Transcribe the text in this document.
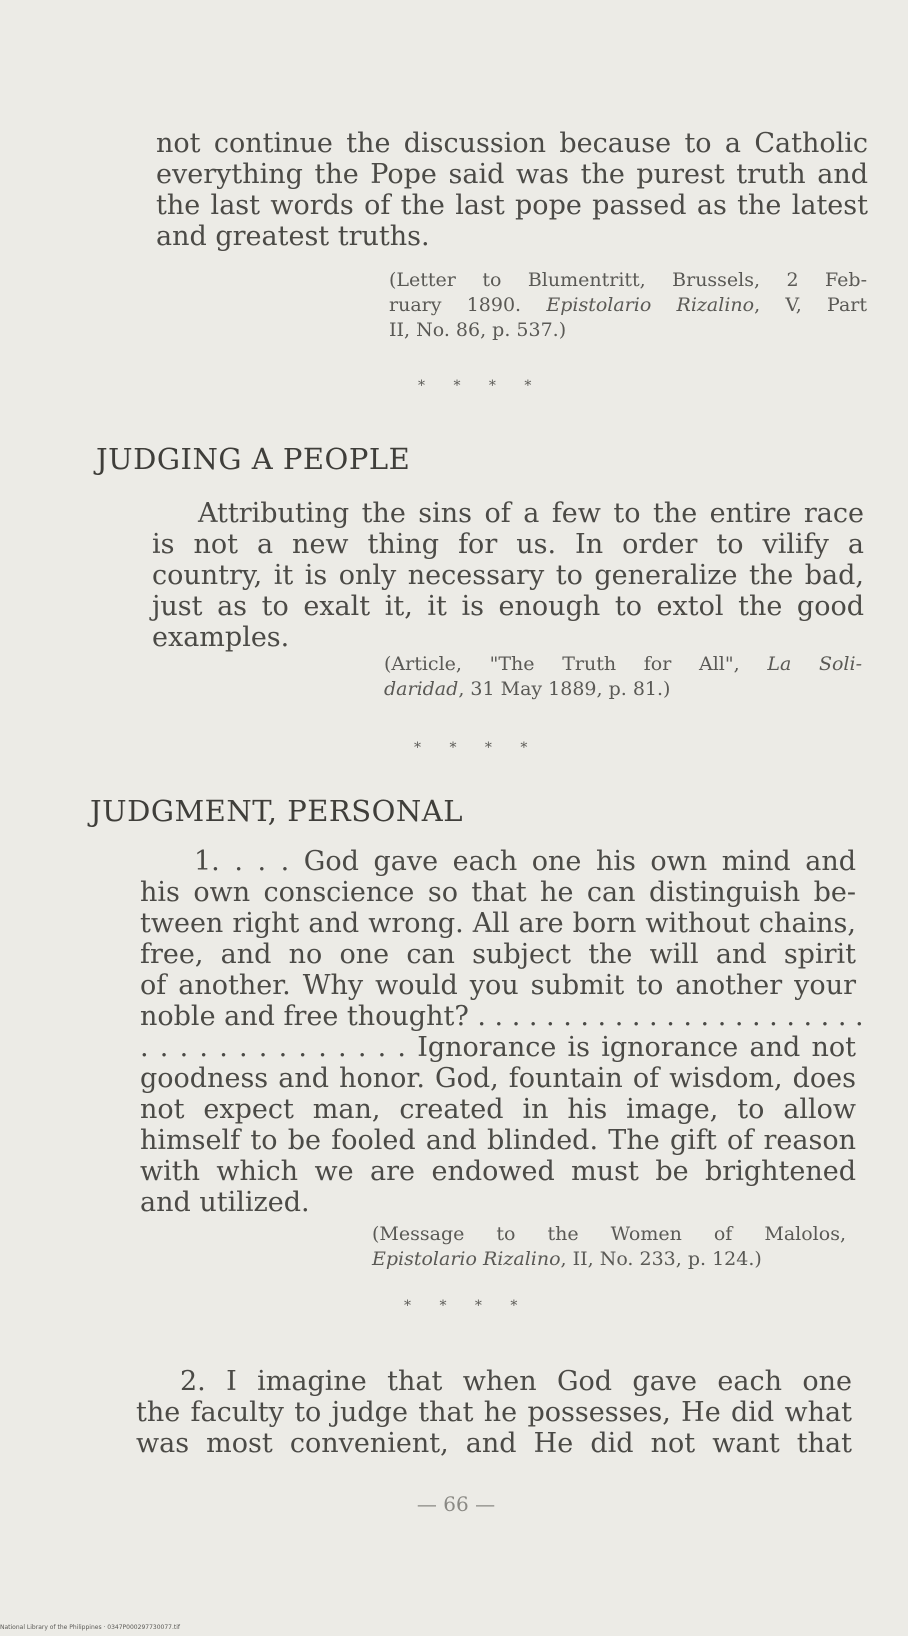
not continue the discussion because to a Catholic
everything the Pope said was the purest truth and
the last words of the last pope passed as the latest
and greatest truths.
(Letter to Blumentritt, Brussels, 2 Feb-
ruary 1890. Epistolario Rizalino, V, Part
II, No. 86, p. 537.)
* * * *
JUDGING A PEOPLE
Attributing the sins of a few to the entire race
is not a new thing for us. In order to vilify a
country, it is only necessary to generalize the bad,
just as to exalt it, it is enough to extol the good
examples.
(Article, "The Truth for All", La Soli-
daridad, 31 May 1889, p. 81.)
* * * *
JUDGMENT, PERSONAL
1. . . . God gave each one his own mind and
his own conscience so that he can distinguish be-
tween right and wrong. All are born without chains,
free, and no one can subject the will and spirit
of another. Why would you submit to another your
noble and free thought? . . . . . . . . . . . . . . . . . . . . . . .
. . . . . . . . . . . . . . Ignorance is ignorance and not
goodness and honor. God, fountain of wisdom, does
not expect man, created in his image, to allow
himself to be fooled and blinded. The gift of reason
with which we are endowed must be brightened
and utilized.
(Message to the Women of Malolos,
Epistolario Rizalino, II, No. 233, p. 124.)
* * * *
2. I imagine that when God gave each one
the faculty to judge that he possesses, He did what
was most convenient, and He did not want that
— 66 —
National Library of the Philippines · 0347P000297730077.tif
